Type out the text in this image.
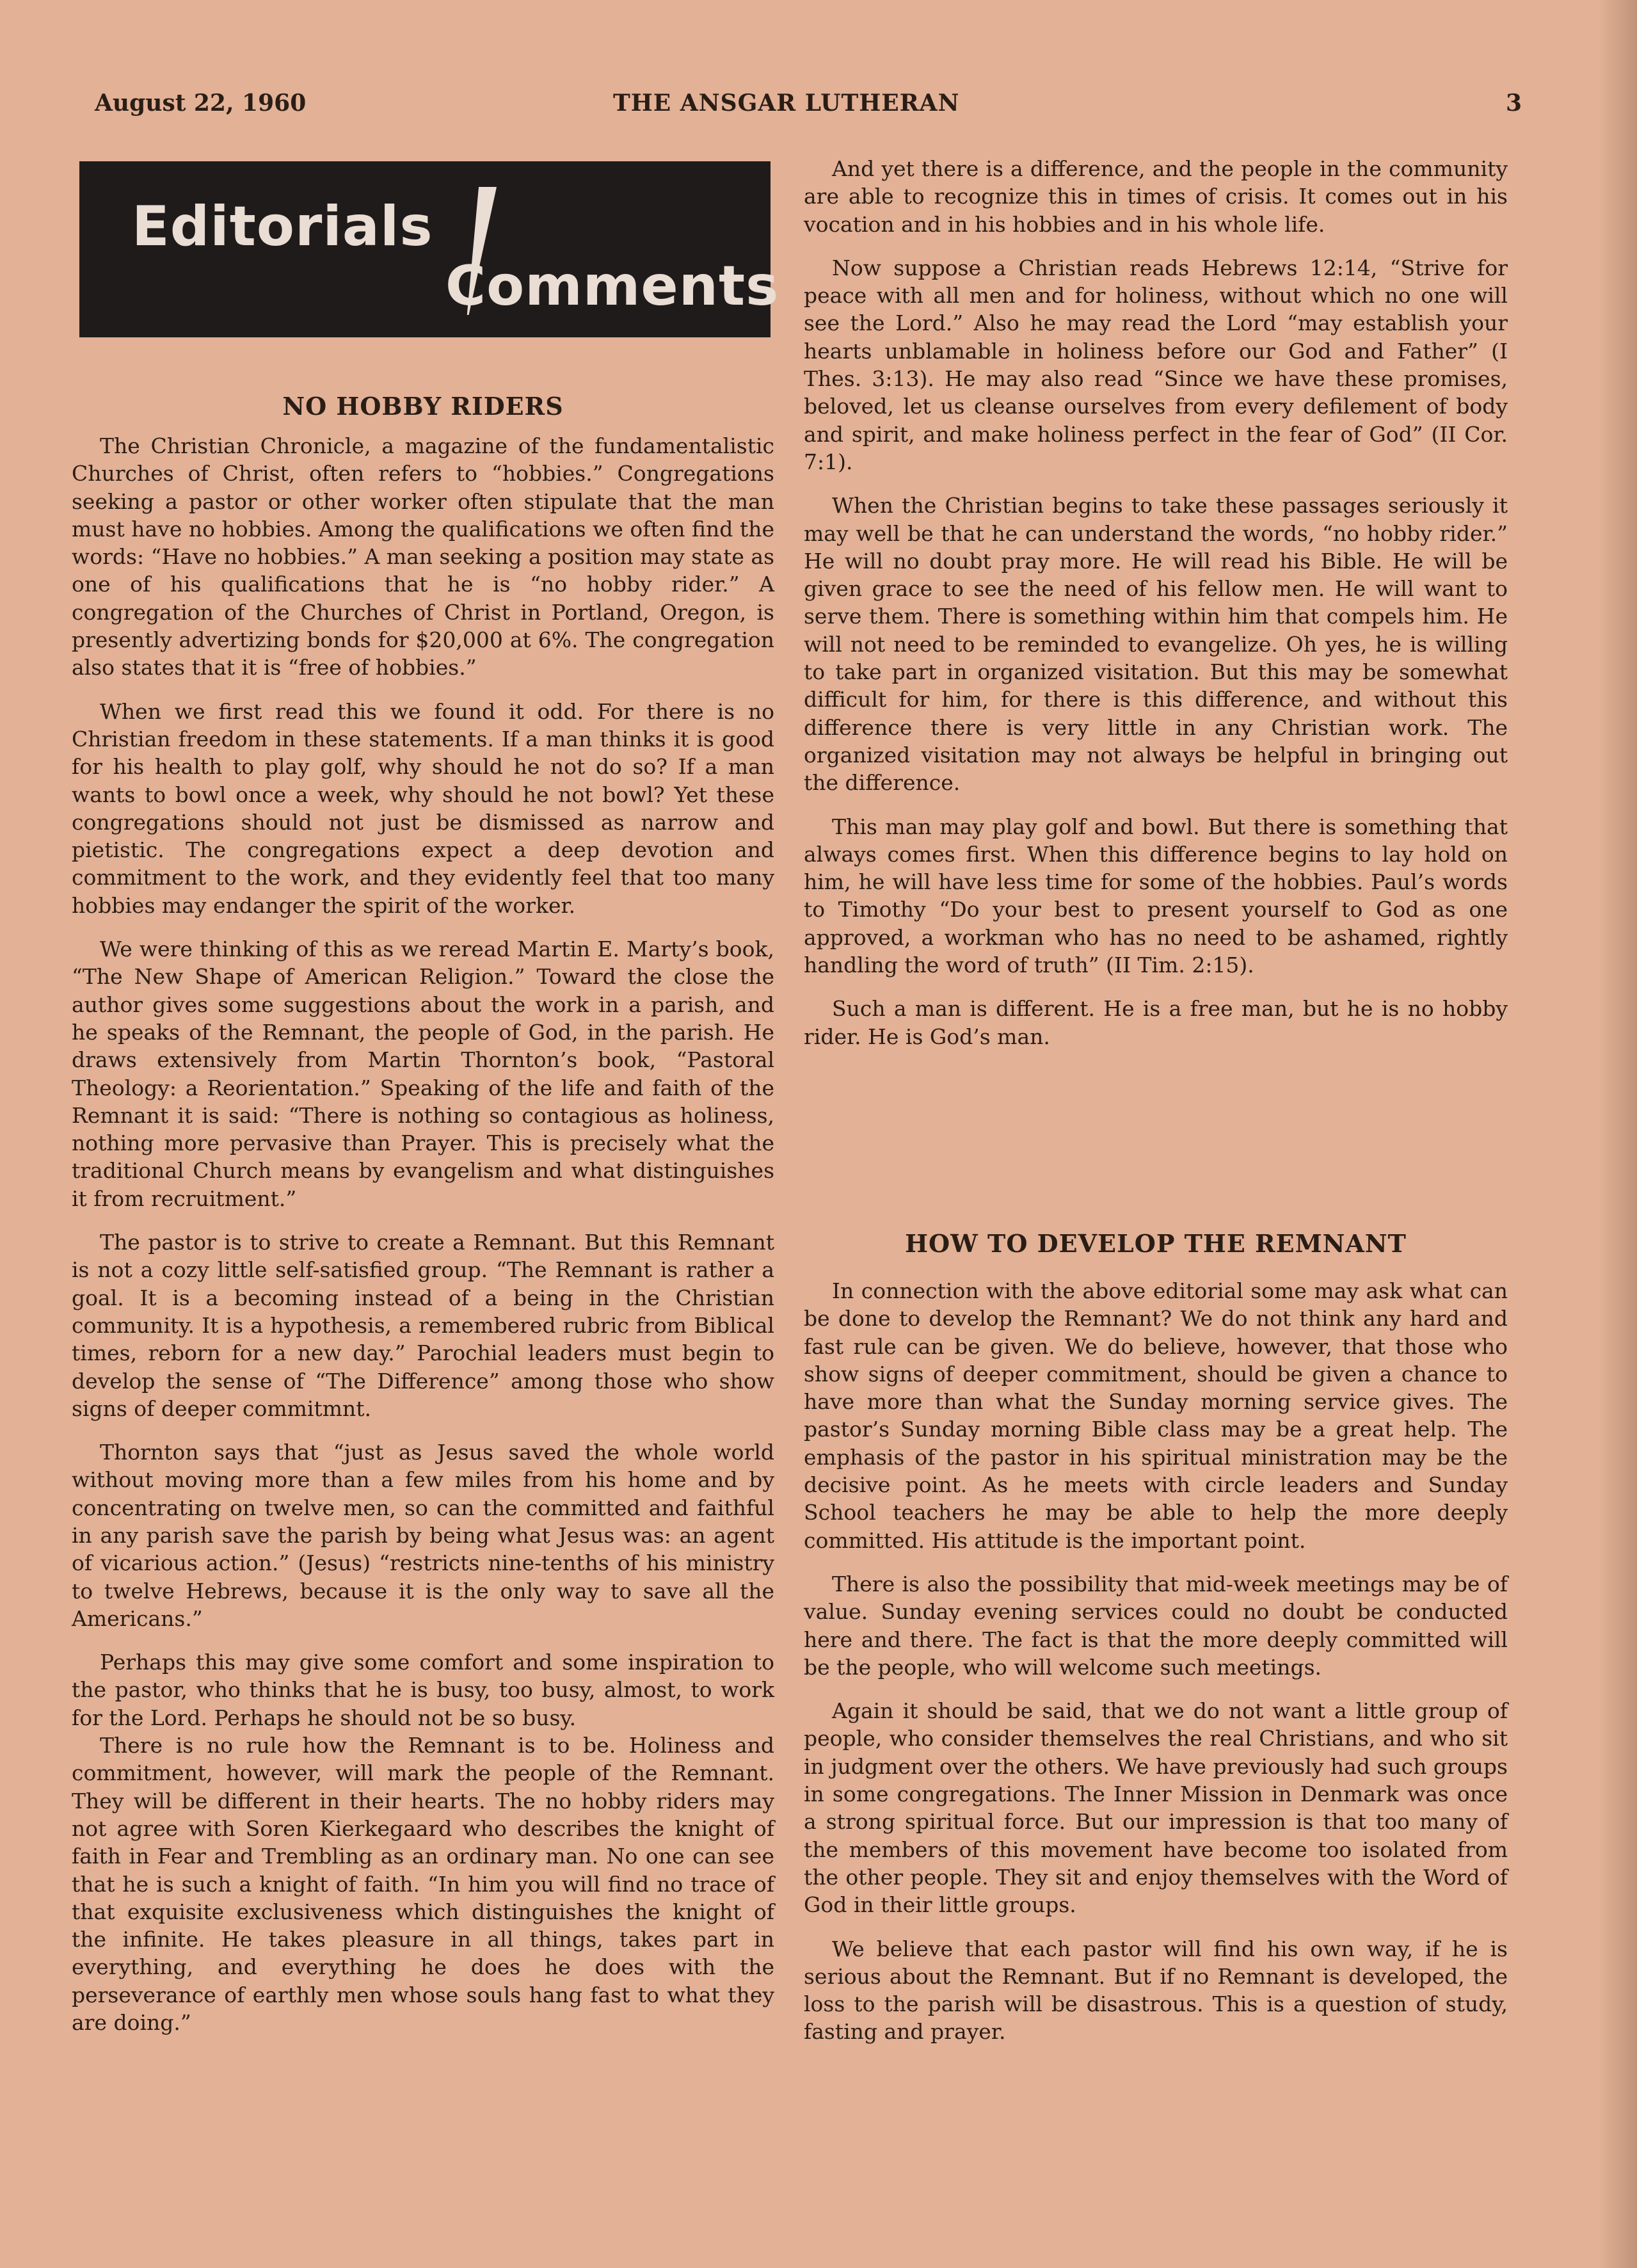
August 22, 1960	THE ANSGAR LUTHERAN	3
Editorials
Comments
NO HOBBY RIDERS

The Christian Chronicle, a magazine of the fundamentalistic Churches of Christ, often refers to “hobbies.” Congregations seeking a pastor or other worker often stipulate that the man must have no hobbies. Among the qualifications we often find the words: “Have no hobbies.” A man seeking a position may state as one of his qualifications that he is “no hobby rider.” A congregation of the Churches of Christ in Portland, Oregon, is presently advertizing bonds for $20,000 at 6%. The congregation also states that it is “free of hobbies.”

When we first read this we found it odd. For there is no Christian freedom in these statements. If a man thinks it is good for his health to play golf, why should he not do so? If a man wants to bowl once a week, why should he not bowl? Yet these congregations should not just be dismissed as narrow and pietistic. The congregations expect a deep devotion and commitment to the work, and they evidently feel that too many hobbies may endanger the spirit of the worker.

We were thinking of this as we reread Martin E. Marty’s book, “The New Shape of American Religion.” Toward the close the author gives some suggestions about the work in a parish, and he speaks of the Remnant, the people of God, in the parish. He draws extensively from Martin Thornton’s book, “Pastoral Theology: a Reorientation.” Speaking of the life and faith of the Remnant it is said: “There is nothing so contagious as holiness, nothing more pervasive than Prayer. This is precisely what the traditional Church means by evangelism and what distinguishes it from recruitment.”

The pastor is to strive to create a Remnant. But this Remnant is not a cozy little self-satisfied group. “The Remnant is rather a goal. It is a becoming instead of a being in the Christian community. It is a hypothesis, a remembered rubric from Biblical times, reborn for a new day.” Parochial leaders must begin to develop the sense of “The Difference” among those who show signs of deeper commitmnt.

Thornton says that “just as Jesus saved the whole world without moving more than a few miles from his home and by concentrating on twelve men, so can the committed and faithful in any parish save the parish by being what Jesus was: an agent of vicarious action.” (Jesus) “restricts nine-tenths of his ministry to twelve Hebrews, because it is the only way to save all the Americans.”

Perhaps this may give some comfort and some inspiration to the pastor, who thinks that he is busy, too busy, almost, to work for the Lord. Perhaps he should not be so busy.

There is no rule how the Remnant is to be. Holiness and commitment, however, will mark the people of the Remnant. They will be different in their hearts. The no hobby riders may not agree with Soren Kierkegaard who describes the knight of faith in Fear and Trembling as an ordinary man. No one can see that he is such a knight of faith. “In him you will find no trace of that exquisite exclusiveness which distinguishes the knight of the infinite. He takes pleasure in all things, takes part in everything, and everything he does he does with the perseverance of earthly men whose souls hang fast to what they are doing.”

And yet there is a difference, and the people in the community are able to recognize this in times of crisis. It comes out in his vocation and in his hobbies and in his whole life.

Now suppose a Christian reads Hebrews 12:14, “Strive for peace with all men and for holiness, without which no one will see the Lord.” Also he may read the Lord “may establish your hearts unblamable in holiness before our God and Father” (I Thes. 3:13). He may also read “Since we have these promises, beloved, let us cleanse ourselves from every defilement of body and spirit, and make holiness perfect in the fear of God” (II Cor. 7:1).

When the Christian begins to take these passages seriously it may well be that he can understand the words, “no hobby rider.” He will no doubt pray more. He will read his Bible. He will be given grace to see the need of his fellow men. He will want to serve them. There is something within him that compels him. He will not need to be reminded to evangelize. Oh yes, he is willing to take part in organized visitation. But this may be somewhat difficult for him, for there is this difference, and without this difference there is very little in any Christian work. The organized visitation may not always be helpful in bringing out the difference.

This man may play golf and bowl. But there is something that always comes first. When this difference begins to lay hold on him, he will have less time for some of the hobbies. Paul’s words to Timothy “Do your best to present yourself to God as one approved, a workman who has no need to be ashamed, rightly handling the word of truth” (II Tim. 2:15).

Such a man is different. He is a free man, but he is no hobby rider. He is God’s man.

HOW TO DEVELOP THE REMNANT

In connection with the above editorial some may ask what can be done to develop the Remnant? We do not think any hard and fast rule can be given. We do believe, however, that those who show signs of deeper commitment, should be given a chance to have more than what the Sunday morning service gives. The pastor’s Sunday morning Bible class may be a great help. The emphasis of the pastor in his spiritual ministration may be the decisive point. As he meets with circle leaders and Sunday School teachers he may be able to help the more deeply committed. His attitude is the important point.

There is also the possibility that mid-week meetings may be of value. Sunday evening services could no doubt be conducted here and there. The fact is that the more deeply committed will be the people, who will welcome such meetings.

Again it should be said, that we do not want a little group of people, who consider themselves the real Christians, and who sit in judgment over the others. We have previously had such groups in some congregations. The Inner Mission in Denmark was once a strong spiritual force. But our impression is that too many of the members of this movement have become too isolated from the other people. They sit and enjoy themselves with the Word of God in their little groups.

We believe that each pastor will find his own way, if he is serious about the Remnant. But if no Remnant is developed, the loss to the parish will be disastrous. This is a question of study, fasting and prayer.
